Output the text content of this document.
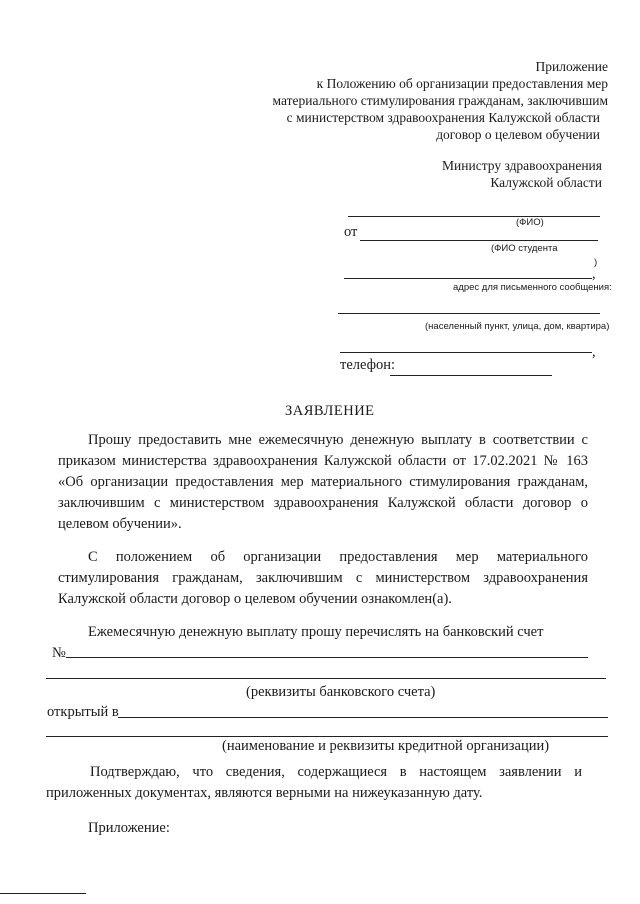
Приложение
к Положению об организации предоставления мер
материального стимулирования гражданам, заключившим
с министерством здравоохранения Калужской области
договор о целевом обучении
Министру здравоохранения
Калужской области
(ФИО)
от
(ФИО студента
)
,
адрес для письменного сообщения:
(населенный пункт, улица, дом, квартира)
,
телефон:
ЗАЯВЛЕНИЕ
Прошу предоставить мне ежемесячную денежную выплату в соответствии с приказом министерства здравоохранения Калужской области от 17.02.2021 № 163 «Об организации предоставления мер материального стимулирования гражданам, заключившим с министерством здравоохранения Калужской области договор о целевом обучении».
С положением об организации предоставления мер материального стимулирования гражданам, заключившим с министерством здравоохранения Калужской области договор о целевом обучении ознакомлен(а).
Ежемесячную денежную выплату прошу перечислять на банковский счет
№
(реквизиты банковского счета)
открытый в
(наименование и реквизиты кредитной организации)
Подтверждаю, что сведения, содержащиеся в настоящем заявлении и приложенных документах, являются верными на нижеуказанную дату.
Приложение:
